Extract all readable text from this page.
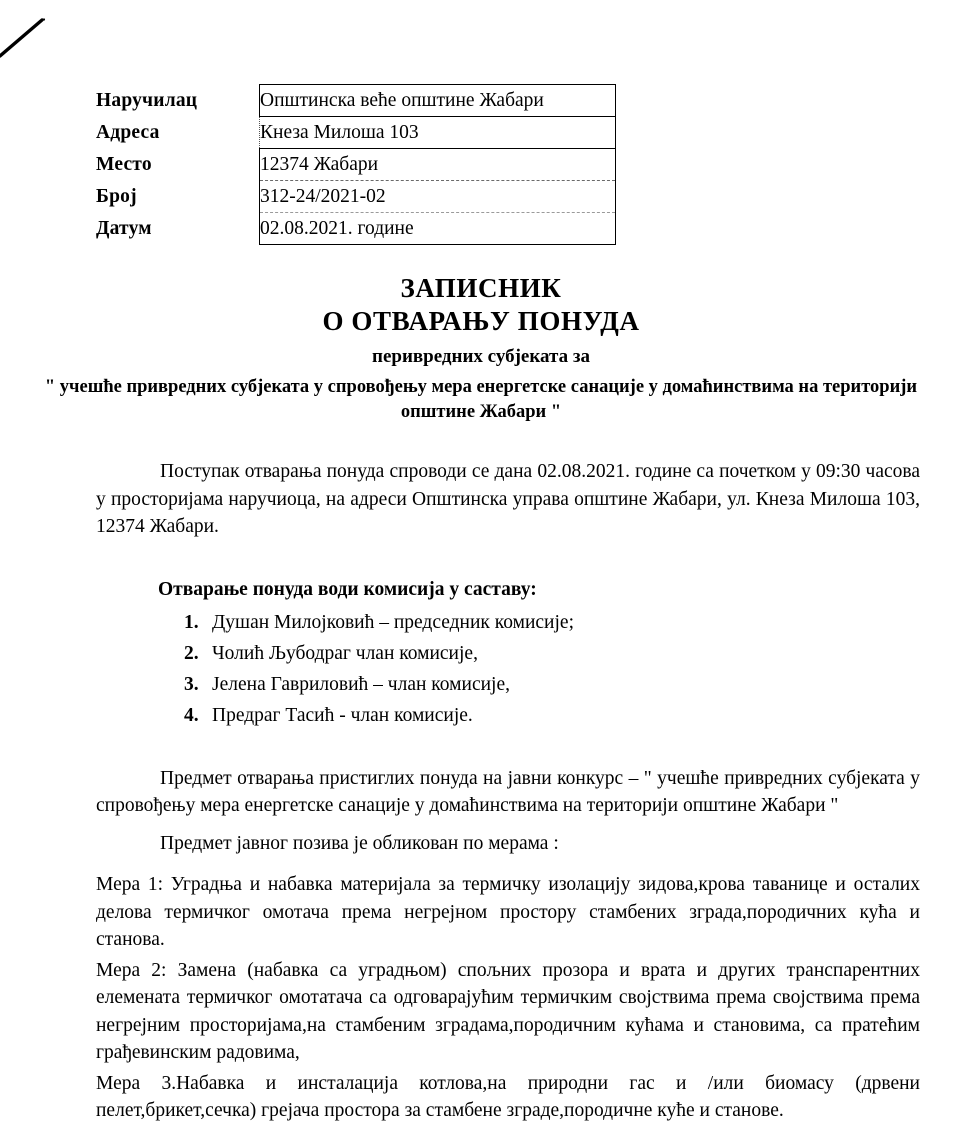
Наручилац		Општинска веће општине Жабари
Адреса		Кнеза Милоша 103
Место		12374 Жабари
Број		312-24/2021-02
Датум		02.08.2021. године
ЗАПИСНИК
О ОТВАРАЊУ ПОНУДА
перивредних субјеката за
" учешће привредних субјеката у спровођењу мера енергетске санације у домаћинствима на територији општине Жабари "

Поступак отварања понуда спроводи се дана 02.08.2021. године са почетком у 09:30 часова у просторијама наручиоца, на адреси Општинска управа општине Жабари, ул. Кнеза Милоша 103, 12374 Жабари.

Отварање понуда води комисија у саставу:
Душан Милојковић – председник комисије;
Чолић Љубодраг члан комисије,
Јелена Гавриловић – члан комисије,
Предраг Тасић - члан комисије.

Предмет отварања пристиглих понуда на јавни конкурс – " учешће привредних субјеката у спровођењу мера енергетске санације у домаћинствима на територији општине Жабари "

Предмет јавног позива је обликован по мерама :

Мера 1: Уградња и набавка материјала за термичку изолацију зидова,крова таванице и осталих делова термичког омотача према негрејном простору стамбених зграда,породичних кућа и станова.

Мера 2: Замена (набавка са уградњом) спољних прозора и врата и других транспарентних елемената термичког омотатача са одговарајућим термичким својствима према својствима према негрејним просторијама,на стамбеним зградама,породичним кућама и становима, са пратећим грађевинским радовима,

Мера 3.Набавка и инсталација котлова,на природни гас и /или биомасу (дрвени пелет,брикет,сечка) грејача простора за стамбене зграде,породичне куће и станове.
